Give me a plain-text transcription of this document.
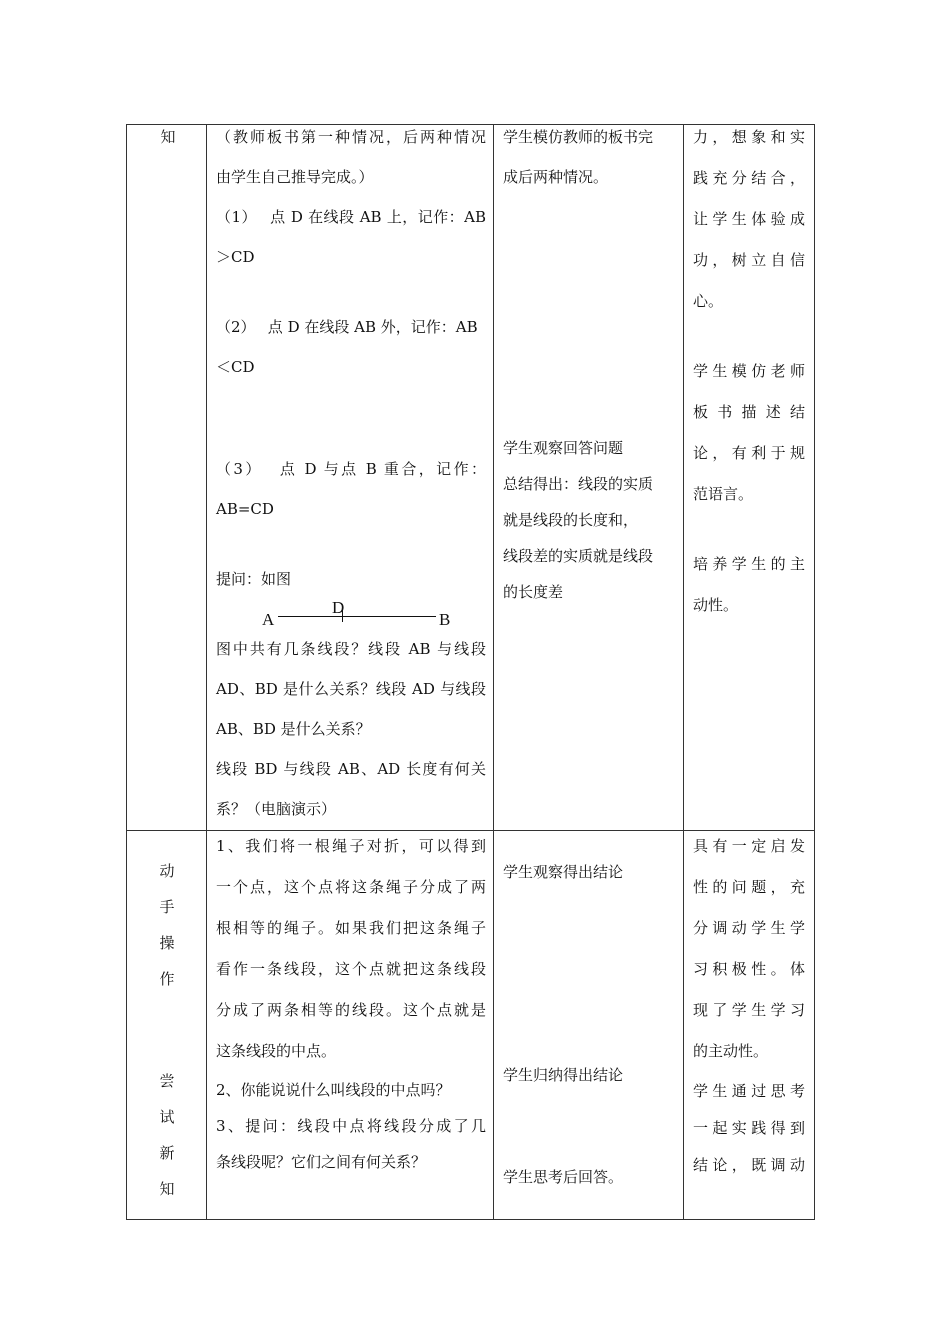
知	（教师板书第一种情况，后两种情况

由学生自己推导完成。）

（1）　 点 D 在线段 AB 上，记作：AB

＞CD

（2）　 点 D 在线段 AB 外，记作：AB

＜CD

（3）　 点 D 与点 B 重合，记作：

AB=CD

提问：如图

图中共有几条线段？线段 AB 与线段

AD、BD 是什么关系？线段 AD 与线段

AB、BD 是什么关系？

线段 BD 与线段 AB、AD 长度有何关

系？（电脑演示）

A
D
B

学生模仿教师的板书完

成后两种情况。

学生观察回答问题

总结得出：线段的实质

就是线段的长度和，

线段差的实质就是线段

的长度差

力，想象和实

践充分结合，

让学生体验成

功，树立自信

心。

学生模仿老师

板书描述结

论，有利于规

范语言。

培养学生的主

动性。

动
手
操
作
尝
试
新
知

1、我们将一根绳子对折，可以得到

一个点，这个点将这条绳子分成了两

根相等的绳子。如果我们把这条绳子

看作一条线段，这个点就把这条线段

分成了两条相等的线段。这个点就是

这条线段的中点。

2、你能说说什么叫线段的中点吗？

3、提问：线段中点将线段分成了几

条线段呢？它们之间有何关系？

学生观察得出结论

学生归纳得出结论

学生思考后回答。

具有一定启发

性的问题，充

分调动学生学

习积极性。体

现了学生学习

的主动性。

学生通过思考

一起实践得到

结论，既调动
